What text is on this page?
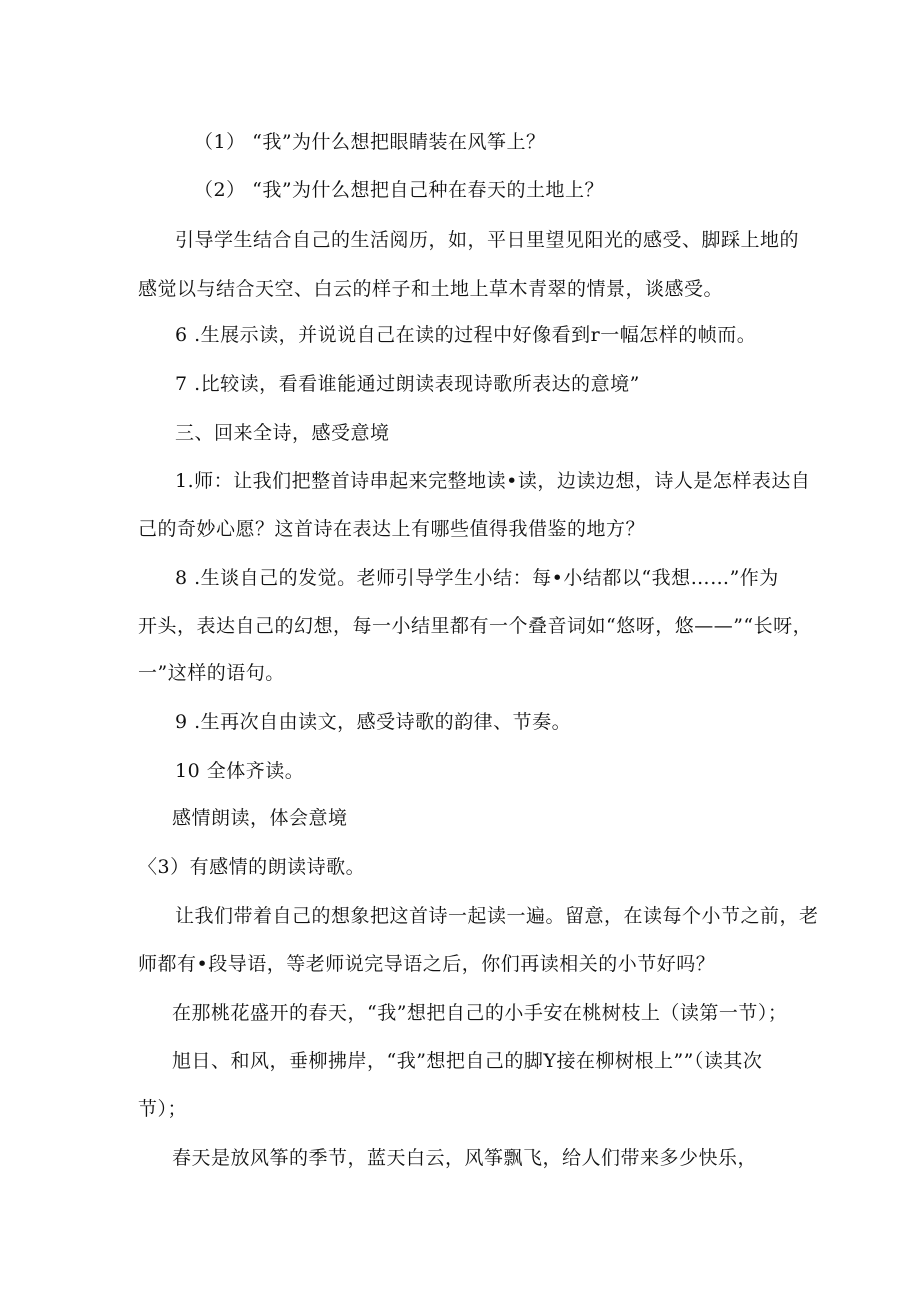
（1） “我”为什么想把眼睛装在风筝上？
（2） “我”为什么想把自己种在春天的土地上？
引导学生结合自己的生活阅历，如，平日里望见阳光的感受、脚踩上地的
感觉以与结合天空、白云的样子和土地上草木青翠的情景，谈感受。
6 .生展示读，并说说自己在读的过程中好像看到r一幅怎样的帧而。
7 .比较读，看看谁能通过朗读表现诗歌所表达的意境”
三、回来全诗，感受意境
1.师：让我们把整首诗串起来完整地读•读，边读边想，诗人是怎样表达自
己的奇妙心愿？这首诗在表达上有哪些值得我借鉴的地方？
8 .生谈自己的发觉。老师引导学生小结：每•小结都以“我想……”作为
开头，表达自己的幻想，每一小结里都有一个叠音词如“悠呀，悠——”“长呀，
一”这样的语句。
9 .生再次自由读文，感受诗歌的韵律、节奏。
10 全体齐读。
感情朗读，体会意境
〈3）有感情的朗读诗歌。
让我们带着自己的想象把这首诗一起读一遍。留意，在读每个小节之前，老
师都有•段导语，等老师说完导语之后，你们再读相关的小节好吗？
在那桃花盛开的春天，“我”想把自己的小手安在桃树枝上（读第一节）；
旭日、和风，垂柳拂岸，“我”想把自己的脚Y接在柳树根上””（读其次
节）；
春天是放风筝的季节，蓝天白云，风筝飘飞，给人们带来多少快乐，
